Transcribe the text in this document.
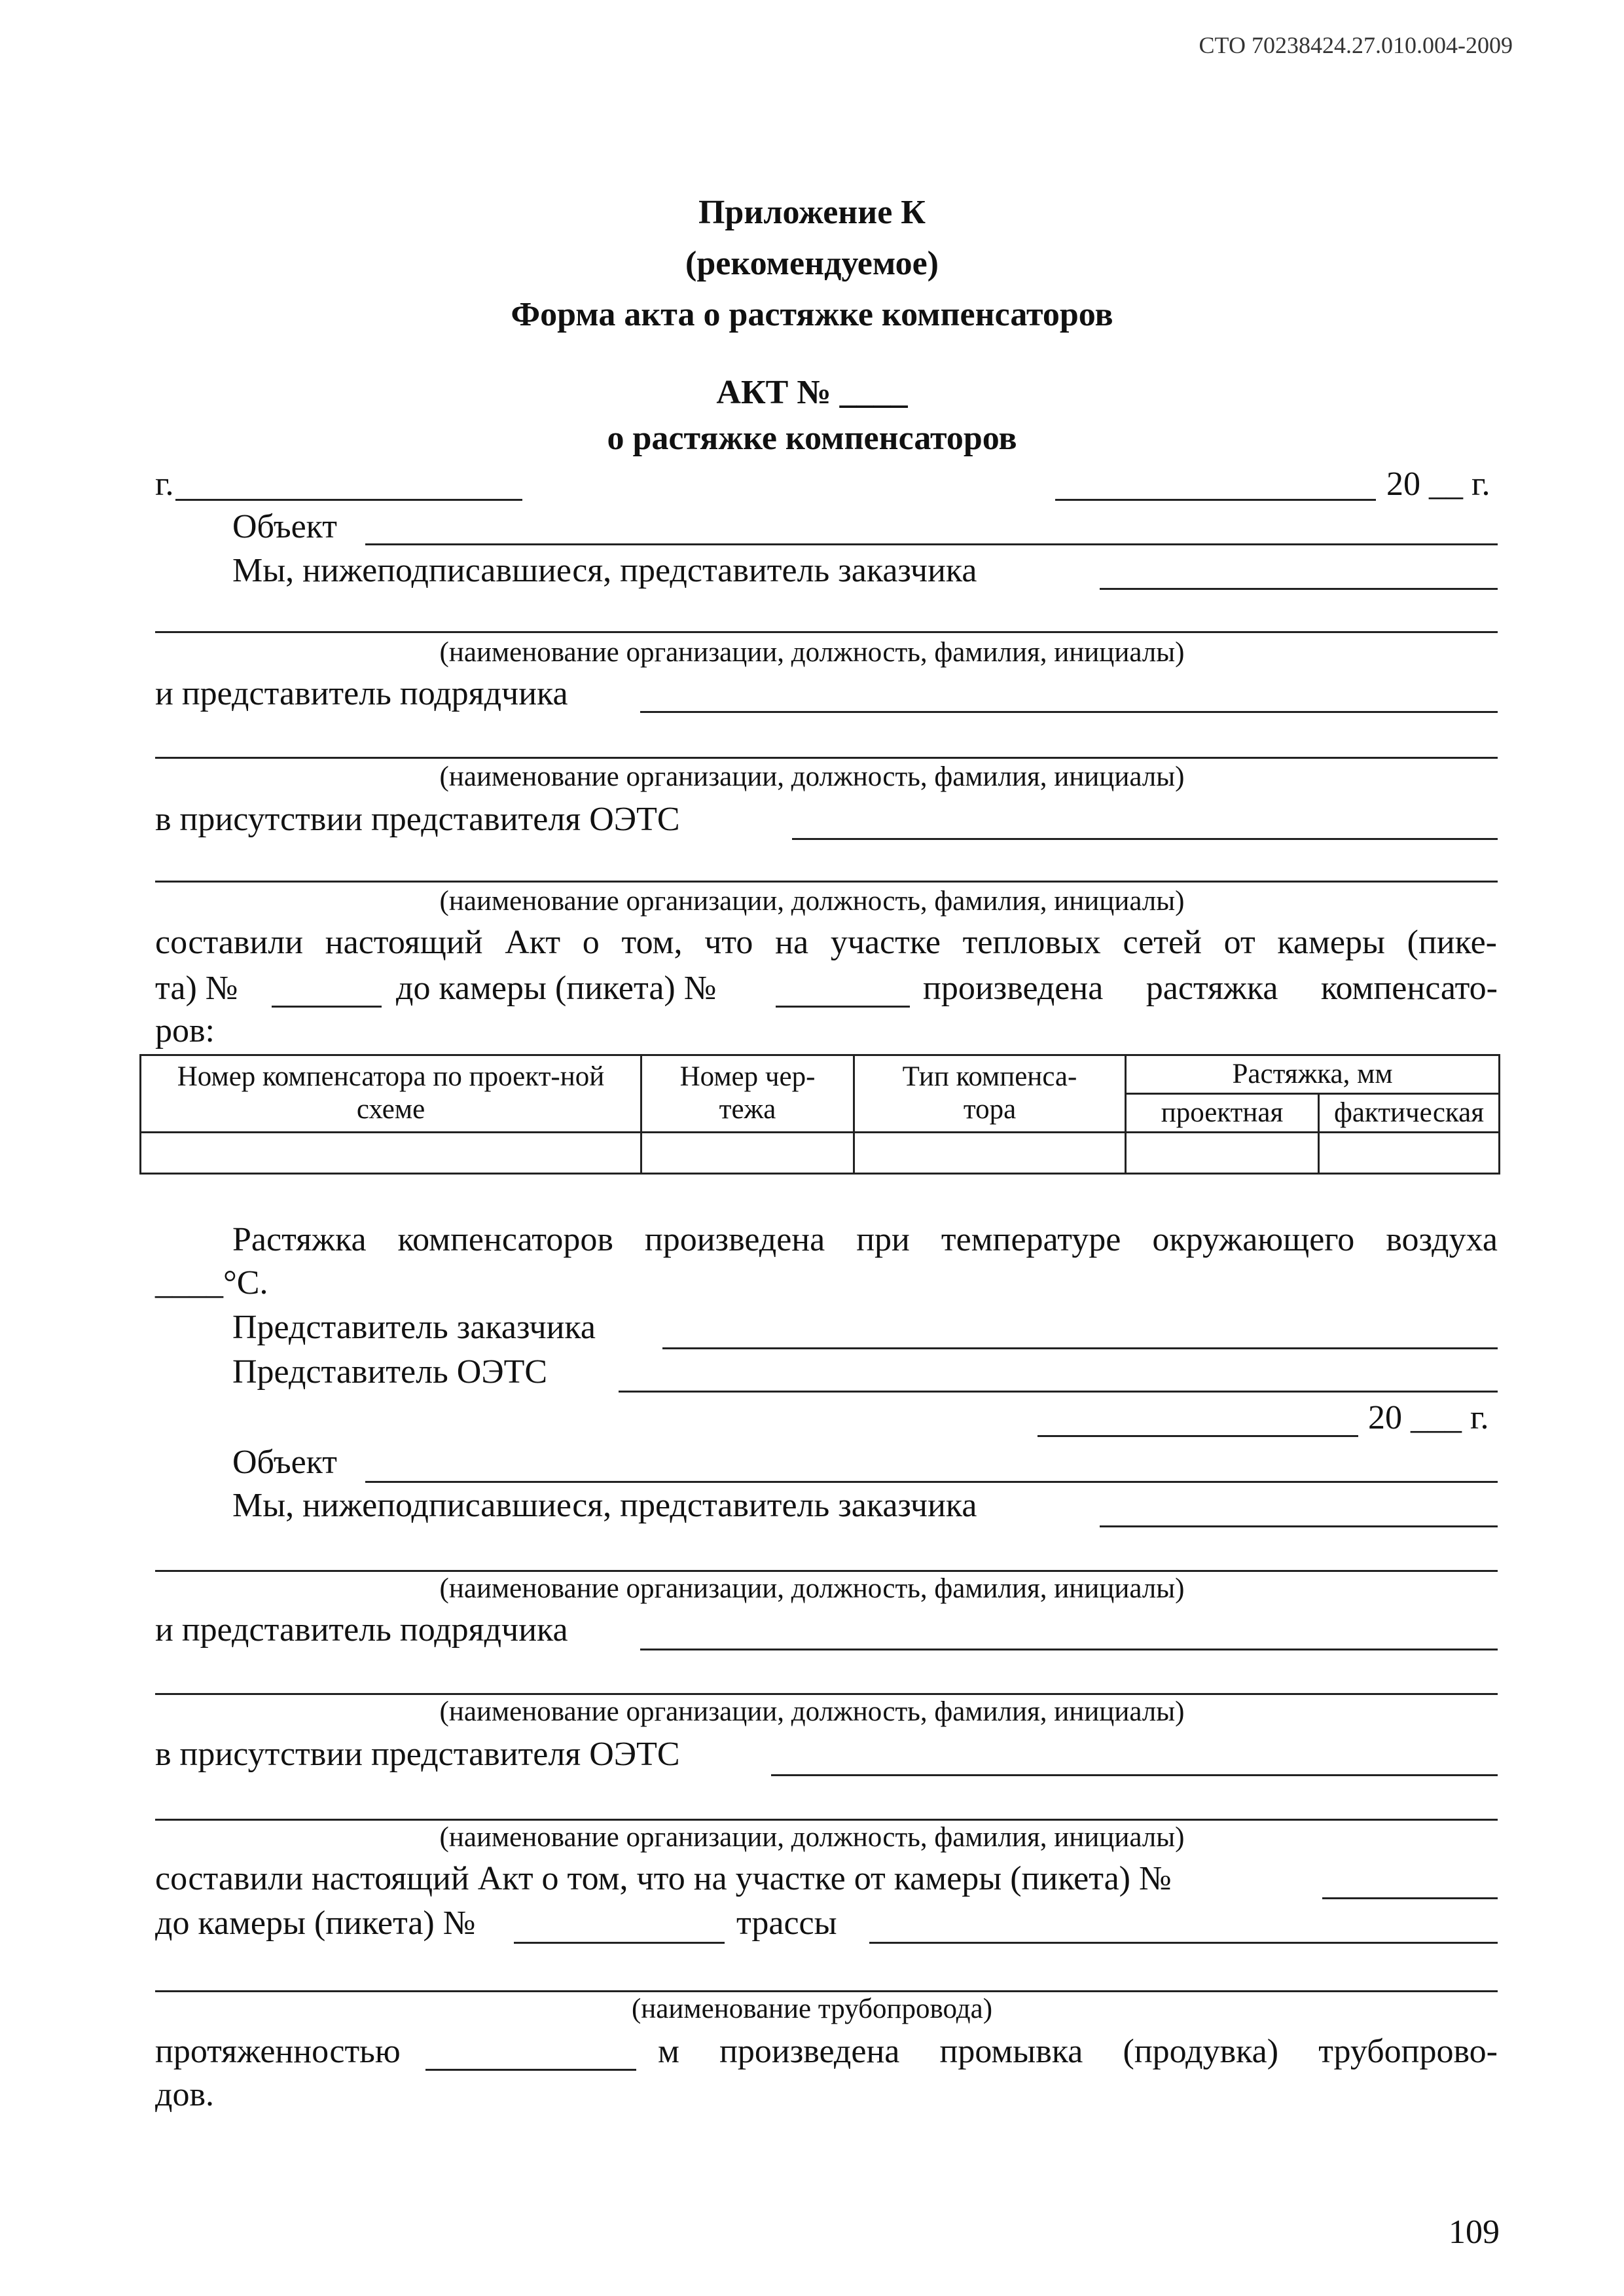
СТО 70238424.27.010.004-2009
Приложение К
(рекомендуемое)
Форма акта о растяжке компенсаторов
АКТ № ____
о растяжке компенсаторов
г.	20 __ г.
Объект
Мы, нижеподписавшиеся, представитель заказчика
(наименование организации, должность, фамилия, инициалы)
и представитель подрядчика
(наименование организации, должность, фамилия, инициалы)
в присутствии представителя ОЭТС
(наименование организации, должность, фамилия, инициалы)
составили настоящий Акт о том, что на участке тепловых сетей от камеры (пике-
та) №	до камеры (пикета) №	произведена растяжка компенсато-
ров:
Номер компенсатора по проект-ной схеме	Номер чер-тежа	Тип компенса-тора	Растяжка, мм	
			проектная	фактическая

Растяжка компенсаторов произведена при температуре окружающего воздуха
____°С.
Представитель заказчика
Представитель ОЭТС
20 ___ г.
Объект
Мы, нижеподписавшиеся, представитель заказчика
(наименование организации, должность, фамилия, инициалы)
и представитель подрядчика
(наименование организации, должность, фамилия, инициалы)
в присутствии представителя ОЭТС
(наименование организации, должность, фамилия, инициалы)
составили настоящий Акт о том, что на участке от камеры (пикета) №
до камеры (пикета) №	трассы
(наименование трубопровода)
протяженностью	м произведена промывка (продувка) трубопрово-
дов.
109
